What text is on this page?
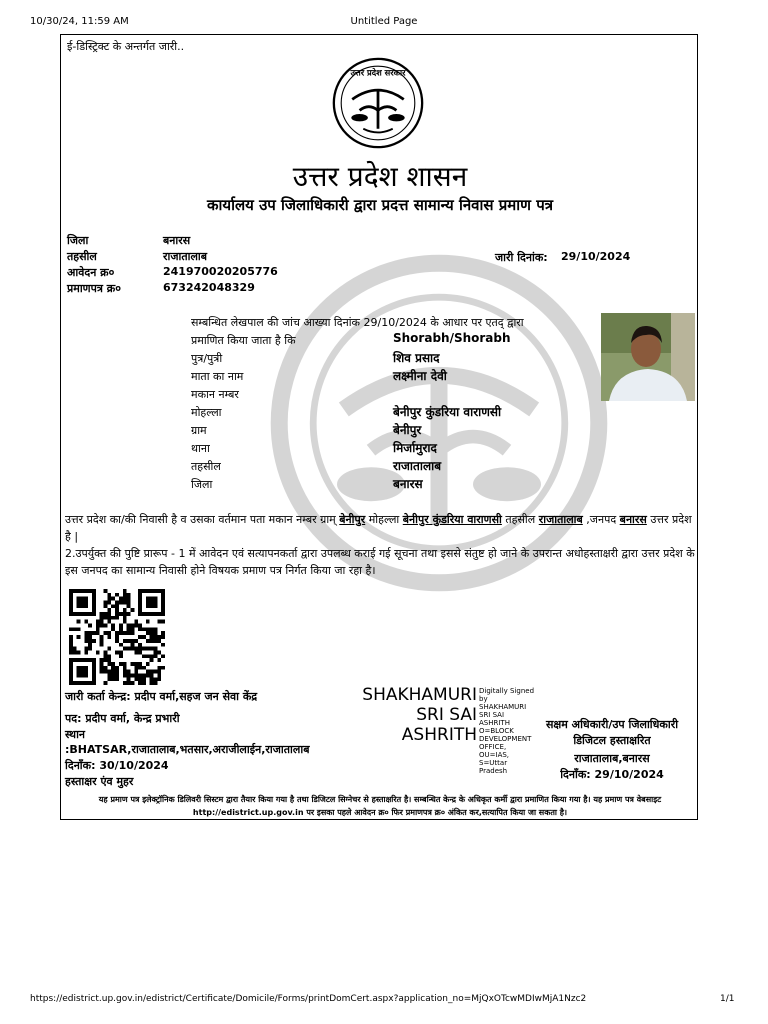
10/30/24, 11:59 AM	Untitled Page
ई-डिस्ट्रिक्ट के अन्तर्गत जारी..
उत्तर प्रदेश सरकार
उत्तर प्रदेश शासन
कार्यालय उप जिलाधिकारी द्वारा प्रदत्त सामान्य निवास प्रमाण पत्र
जिला	बनारस
तहसील	राजातालाब
आवेदन क्र०	241970020205776
प्रमाणपत्र क्र०	673242048329
जारी दिनांक: 29/10/2024
सम्बन्धित लेखपाल की जांच आख्या दिनांक 29/10/2024 के आधार पर एतद् द्वारा
प्रमाणित किया जाता है कि	Shorabh/Shorabh
पुत्र/पुत्री	शिव प्रसाद
माता का नाम	लक्ष्मीना देवी
मकान नम्बर
मोहल्ला	बेनीपुर कुंडरिया वाराणसी
ग्राम	बेनीपुर
थाना	मिर्जामुराद
तहसील	राजातालाब
जिला	बनारस
उत्तर प्रदेश का/की निवासी है व उसका वर्तमान पता मकान नम्बर ग्राम् बेनीपुर मोहल्ला बेनीपुर कुंडरिया वाराणसी तहसील राजातालाब ,जनपद बनारस उत्तर प्रदेश है |
2.उपर्युक्त की पुष्टि प्रारूप - 1 में आवेदन एवं सत्यापनकर्ता द्वारा उपलब्ध कराई गई सूचना तथा इससे संतुष्ट हो जाने के उपरान्त अधोहस्ताक्षरी द्वारा उत्तर प्रदेश के इस जनपद का सामान्य निवासी होने विषयक प्रमाण पत्र निर्गत किया जा रहा है।
जारी कर्ता केन्द्र: प्रदीप वर्मा,सहज जन सेवा केंद्र
पद: प्रदीप वर्मा, केन्द्र प्रभारी
स्थान
:BHATSAR,राजातालाब,भतसार,अराजीलाईन,राजातालाब
दिनाँक: 30/10/2024
हस्ताक्षर एंव मुहर
SHAKHAMURI
SRI SAI
ASHRITH
Digitally Signed
by
SHAKHAMURI
SRI SAI
ASHRITH
O=BLOCK
DEVELOPMENT
OFFICE,
OU=IAS,
S=Uttar
Pradesh
सक्षम अधिकारी/उप जिलाधिकारी
डिजिटल हस्ताक्षरित
राजातालाब,बनारस
दिनाँक: 29/10/2024
यह प्रमाण पत्र इलेक्ट्रॉनिक डिलिवरी सिस्टम द्वारा तैयार किया गया है तथा डिजिटल सिग्नेचर से हस्ताक्षरित है। सम्बन्धित केन्द्र के अधिकृत कर्मी द्वारा प्रमाणित किया गया है। यह प्रमाण पत्र वेबसाइट http://edistrict.up.gov.in पर इसका पहले आवेदन क्र० फिर प्रमाणपत्र क्र० अंकित कर,सत्यापित किया जा सकता है।
https://edistrict.up.gov.in/edistrict/Certificate/Domicile/Forms/printDomCert.aspx?application_no=MjQxOTcwMDIwMjA1Nzc2	1/1
